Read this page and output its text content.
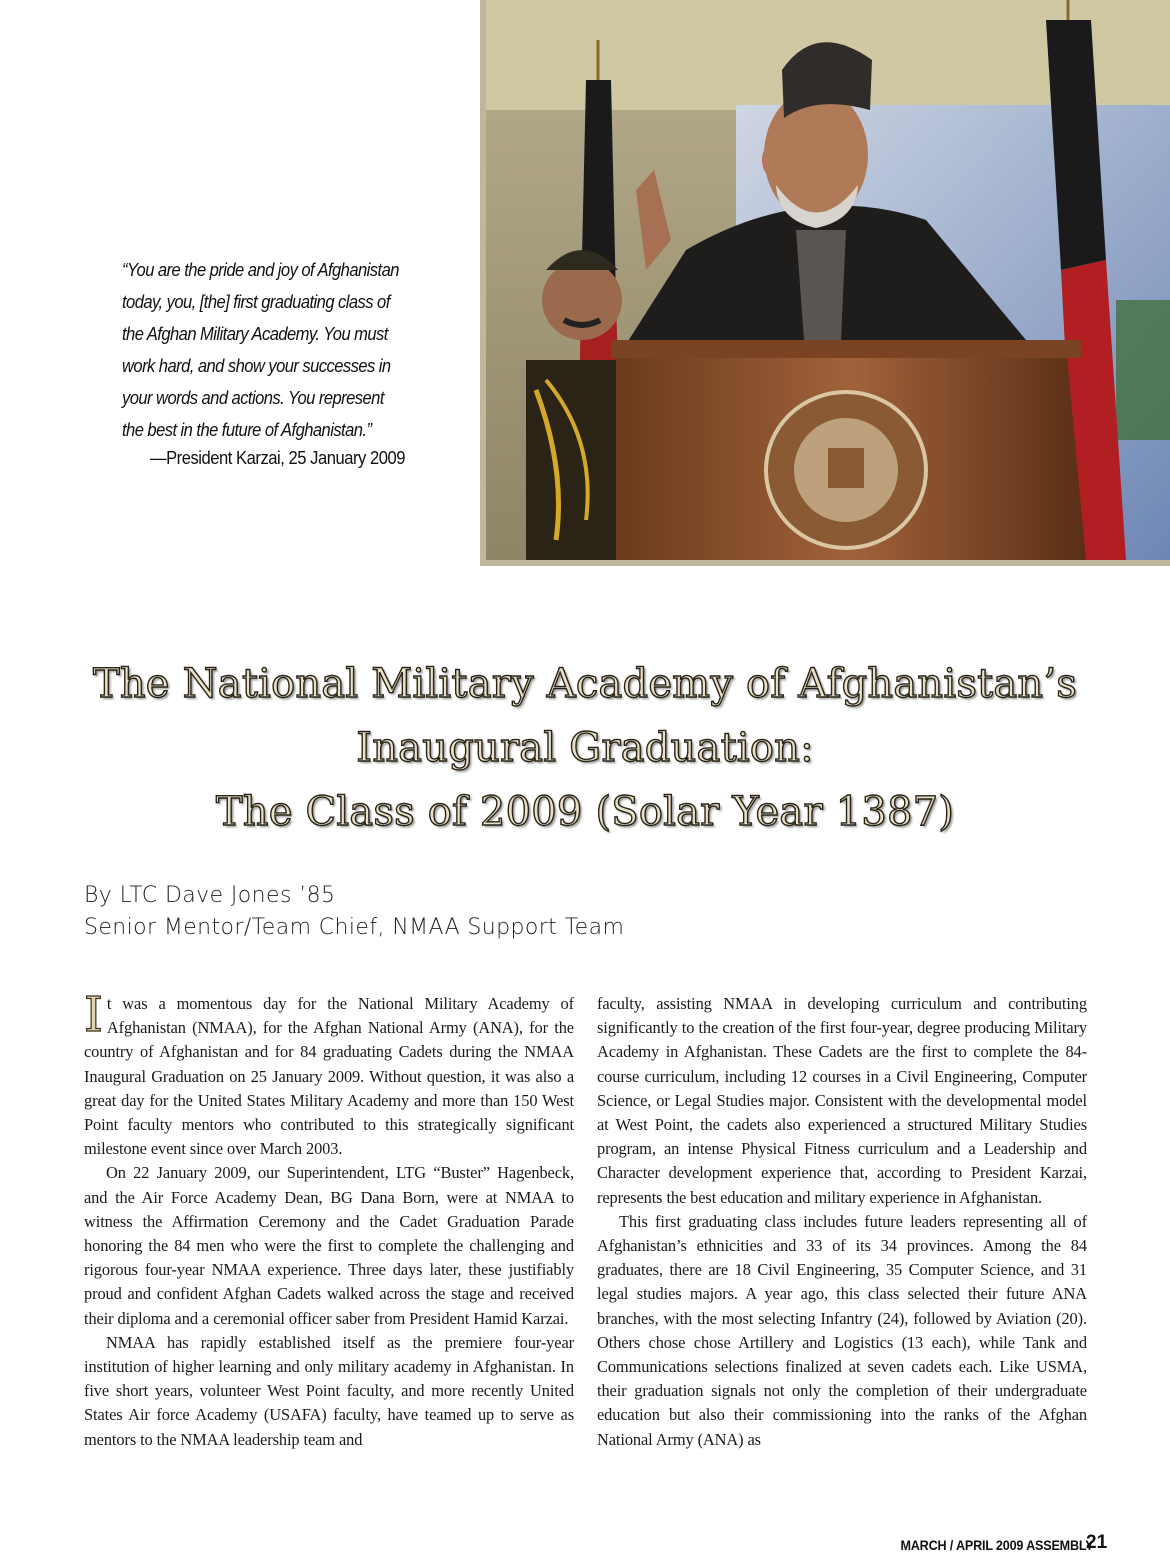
“You are the pride and joy of Afghanistan today, you, [the] first graduating class of the Afghan Military Academy. You must work hard, and show your successes in your words and actions. You represent the best in the future of Afghanistan.”
—President Karzai, 25 January 2009
The National Military Academy of Afghanistan’s
Inaugural Graduation:
The Class of 2009 (Solar Year 1387)
By LTC Dave Jones ’85
Senior Mentor/Team Chief, NMAA Support Team

It was a momentous day for the National Military Academy of Afghanistan (NMAA), for the Afghan National Army (ANA), for the country of Afghanistan and for 84 graduating Cadets during the NMAA Inaugural Graduation on 25 January 2009. Without question, it was also a great day for the United States Military Academy and more than 150 West Point faculty mentors who contributed to this strategically significant milestone event since over March 2003.

On 22 January 2009, our Superintendent, LTG “Buster” Hagenbeck, and the Air Force Academy Dean, BG Dana Born, were at NMAA to witness the Affirmation Ceremony and the Cadet Graduation Parade honoring the 84 men who were the first to complete the challenging and rigorous four-year NMAA experience. Three days later, these justifiably proud and confident Afghan Cadets walked across the stage and received their diploma and a ceremonial officer saber from President Hamid Karzai.

NMAA has rapidly established itself as the premiere four-year institution of higher learning and only military academy in Afghanistan. In five short years, volunteer West Point faculty, and more recently United States Air force Academy (USAFA) faculty, have teamed up to serve as mentors to the NMAA leadership team and

faculty, assisting NMAA in developing curriculum and contributing significantly to the creation of the first four-year, degree producing Military Academy in Afghanistan. These Cadets are the first to complete the 84-course curriculum, including 12 courses in a Civil Engineering, Computer Science, or Legal Studies major. Consistent with the developmental model at West Point, the cadets also experienced a structured Military Studies program, an intense Physical Fitness curriculum and a Leadership and Character development experience that, according to President Karzai, represents the best education and military experience in Afghanistan.

This first graduating class includes future leaders representing all of Afghanistan’s ethnicities and 33 of its 34 provinces. Among the 84 graduates, there are 18 Civil Engineering, 35 Computer Science, and 31 legal studies majors. A year ago, this class selected their future ANA branches, with the most selecting Infantry (24), followed by Aviation (20). Others chose chose Artillery and Logistics (13 each), while Tank and Communications selections finalized at seven cadets each. Like USMA, their graduation signals not only the completion of their undergraduate education but also their commissioning into the ranks of the Afghan National Army (ANA) as

MARCH / APRIL 2009 ASSEMBLY
21
